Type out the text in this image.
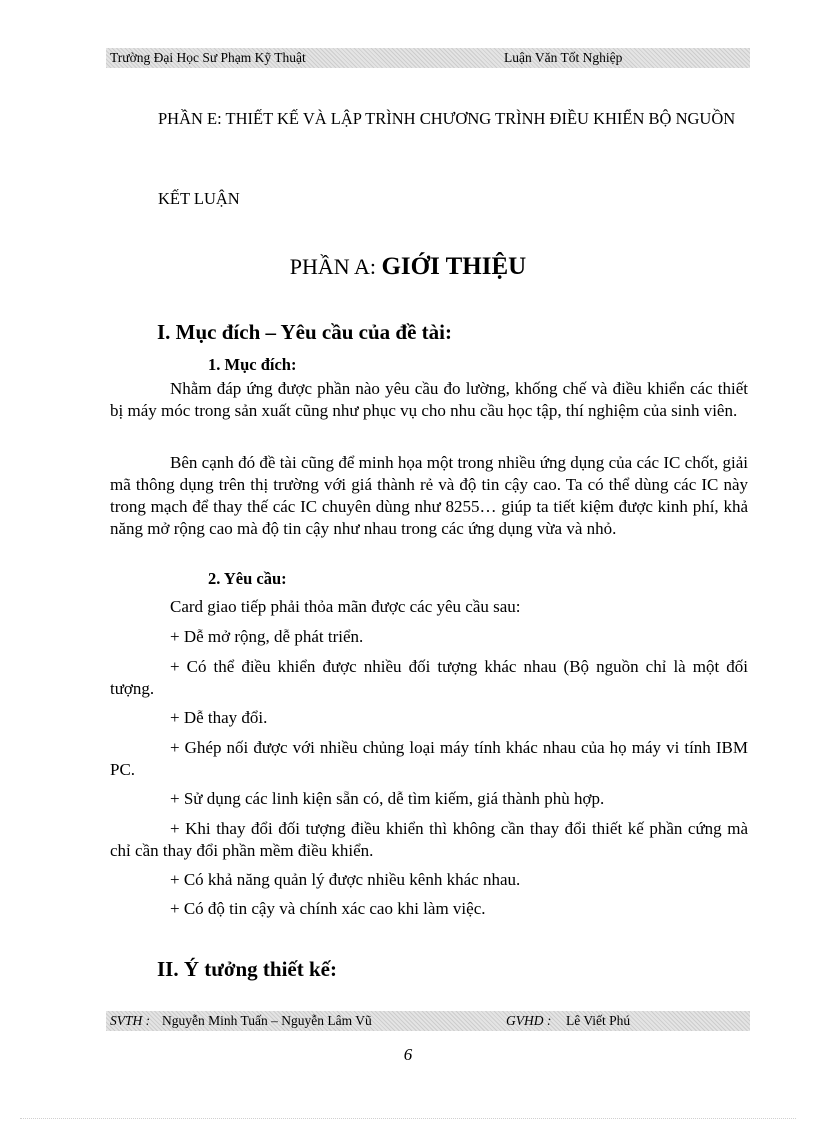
Trường Đại Học Sư Phạm Kỹ Thuật	Luận Văn Tốt Nghiệp
PHẦN E: THIẾT KẾ VÀ LẬP TRÌNH CHƯƠNG TRÌNH ĐIỀU KHIỂN BỘ NGUỒN
KẾT LUẬN
PHẦN A: GIỚI THIỆU
I. Mục đích – Yêu cầu của đề tài:
1. Mục đích:

Nhằm đáp ứng được phần nào yêu cầu đo lường, khống chế và điều khiển các thiết bị máy móc trong sản xuất cũng như phục vụ cho nhu cầu học tập, thí nghiệm của sinh viên.

Bên cạnh đó đề tài cũng để minh họa một trong nhiều ứng dụng của các IC chốt, giải mã thông dụng trên thị trường với giá thành rẻ và độ tin cậy cao. Ta có thể dùng các IC này trong mạch để thay thế các IC chuyên dùng như 8255… giúp ta tiết kiệm được kinh phí, khả năng mở rộng cao mà độ tin cậy như nhau trong các ứng dụng vừa và nhỏ.

2. Yêu cầu:
Card giao tiếp phải thỏa mãn được các yêu cầu sau:
+ Dễ mở rộng, dễ phát triển.

+ Có thể điều khiển được nhiều đối tượng khác nhau (Bộ nguồn chỉ là một đối tượng.

+ Dễ thay đổi.

+ Ghép nối được với nhiều chủng loại máy tính khác nhau của họ máy vi tính IBM PC.

+ Sử dụng các linh kiện sẵn có, dễ tìm kiếm, giá thành phù hợp.

+ Khi thay đổi đối tượng điều khiển thì không cần thay đổi thiết kế phần cứng mà chỉ cần thay đổi phần mềm điều khiển.

+ Có khả năng quản lý được nhiều kênh khác nhau.
+ Có độ tin cậy và chính xác cao khi làm việc.
II. Ý tưởng thiết kế:
SVTH : Nguyễn Minh Tuấn – Nguyễn Lâm Vũ	GVHD : Lê Viết Phú
6
